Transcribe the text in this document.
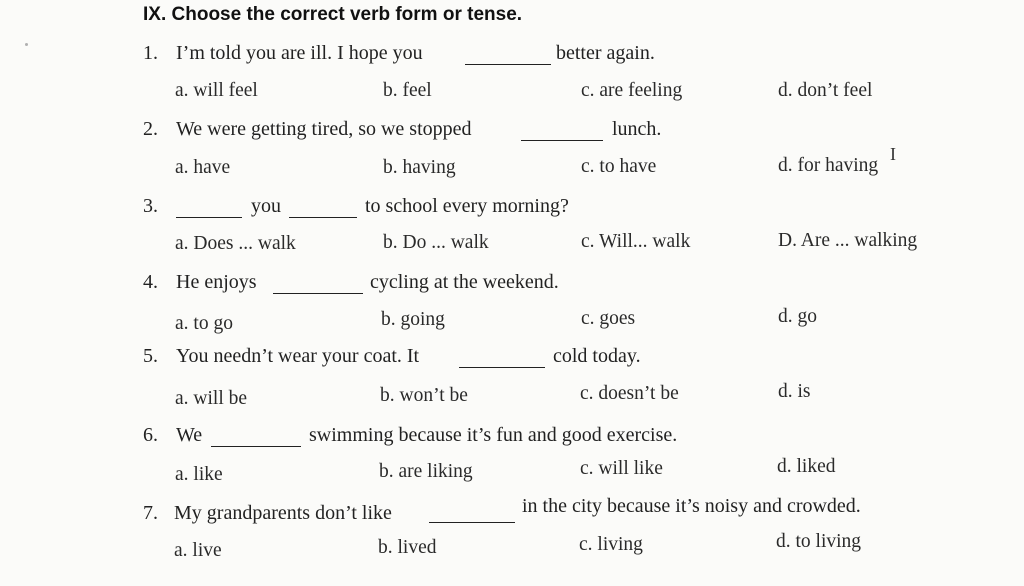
IX. Choose the correct verb form or tense.
1. I’m told you are ill. I hope you	better again.
a. will feel	b. feel	c. are feeling	d. don’t feel
2. We were getting tired, so we stopped	lunch.
a. have	b. having	c. to have	d. for having
I
3.	you	to school every morning?
a. Does ... walk	b. Do ... walk	c. Will... walk	D. Are ... walking
4. He enjoys	cycling at the weekend.
a. to go	b. going	c. goes	d. go
5. You needn’t wear your coat. It	cold today.
a. will be	b. won’t be	c. doesn’t be	d. is
6. We	swimming because it’s fun and good exercise.
a. like	b. are liking	c. will like	d. liked
7. My grandparents don’t like	in the city because it’s noisy and crowded.
a. live	b. lived	c. living	d. to living
